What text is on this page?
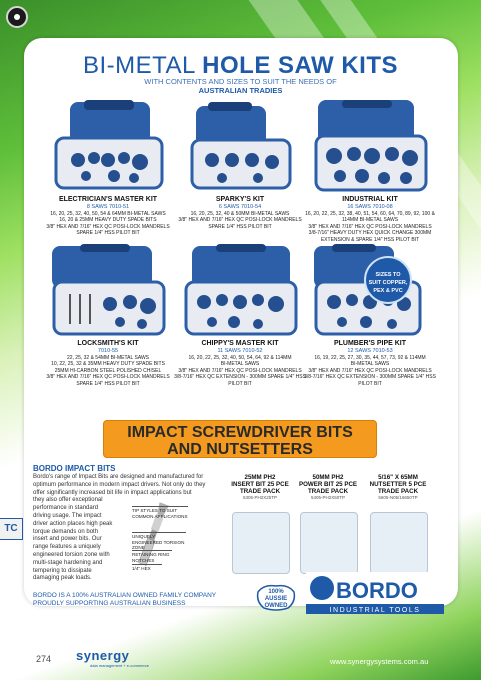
BI-METAL HOLE SAW KITS
WITH CONTENTS AND SIZES TO SUIT THE NEEDS OF
AUSTRALIAN TRADIES
ELECTRICIAN'S MASTER KIT
8 SAWS 7010-51
16, 20, 25, 32, 40, 50, 54 & 64MM BI-METAL SAWS
16, 20 & 25MM HEAVY DUTY SPADE BITS
3/8" HEX AND 7/16" HEX QC POSI-LOCK MANDRELS
SPARE 1/4" HSS PILOT BIT
SPARKY'S KIT
6 SAWS 7010-54
16, 20, 25, 32, 40 & 50MM BI-METAL SAWS
3/8" HEX AND 7/16" HEX QC POSI-LOCK MANDRELS
SPARE 1/4" HSS PILOT BIT
INDUSTRIAL KIT
16 SAWS 7010-08
16, 20, 22, 25, 32, 38, 40, 51, 54, 60, 64, 70, 89, 92, 100 & 114MM BI-METAL SAWS
3/8" HEX AND 7/16" HEX QC POSI-LOCK MANDRELS
3/8-7/16" HEAVY DUTY HEX QUICK CHANGE 300MM EXTENSION & SPARE 1/4" HSS PILOT BIT
LOCKSMITH'S KIT
7010-55
22, 25, 32 & 54MM BI-METAL SAWS
10, 22, 25, 32 & 35MM HEAVY DUTY SPADE BITS
25MM HI-CARBON STEEL POLISHED CHISEL
3/8" HEX AND 7/16" HEX QC POSI-LOCK MANDRELS SPARE 1/4" HSS PILOT BIT
CHIPPY'S MASTER KIT
11 SAWS 7010-52
16, 20, 22, 25, 32, 40, 50, 54, 64, 92 & 114MM
BI-METAL SAWS
3/8" HEX AND 7/16" HEX QC POSI-LOCK MANDRELS
3/8-7/16" HEX QC EXTENSION - 300MM SPARE 1/4" HSS PILOT BIT
PLUMBER'S PIPE KIT
12 SAWS 7010-53
16, 19, 22, 25, 27, 30, 35, 44, 57, 73, 92 & 114MM
BI-METAL SAWS
3/8" HEX AND 7/16" HEX QC POSI-LOCK MANDRELS
3/8-7/16" HEX QC EXTENSION - 300MM SPARE 1/4" HSS PILOT BIT
SIZES TO
SUIT COPPER,
PEX & PVC
IMPACT SCREWDRIVER BITS
AND NUTSETTERS
BORDO IMPACT BITS
Bordo's range of Impact Bits are designed and manufactured for optimum performance in modern impact drivers. Not only do they offer significantly increased bit life in impact applications but
they also offer exceptional performance in standard driving usage. The impact driver action places high peak torque demands on both insert and power bits. Our range features a uniquely engineered torsion zone with multi-stage hardening and tempering to dissipate damaging peak loads.
TIP STYLES TO SUIT COMMON APPLICATIONS
UNIQUELY ENGINEERED TORSION ZONE
RETAINING RING NOTCHES
1/4" HEX
25MM PH2
INSERT BIT 25 PCE
TRADE PACK
5305-PH2X25TP
50MM PH2
POWER BIT 25 PCE
TRADE PACK
5405-PH2X50TP
5/16" X 65MM
NUTSETTER 5 PCE
TRADE PACK
5605-N05/16650TP
BORDO IS A 100% AUSTRALIAN OWNED FAMILY COMPANY
PROUDLY SUPPORTING AUSTRALIAN BUSINESS
100%
AUSSIE
OWNED
BORDO
INDUSTRIAL TOOLS
TC
274 synergy
data management + e-commerce	www.synergysystems.com.au
